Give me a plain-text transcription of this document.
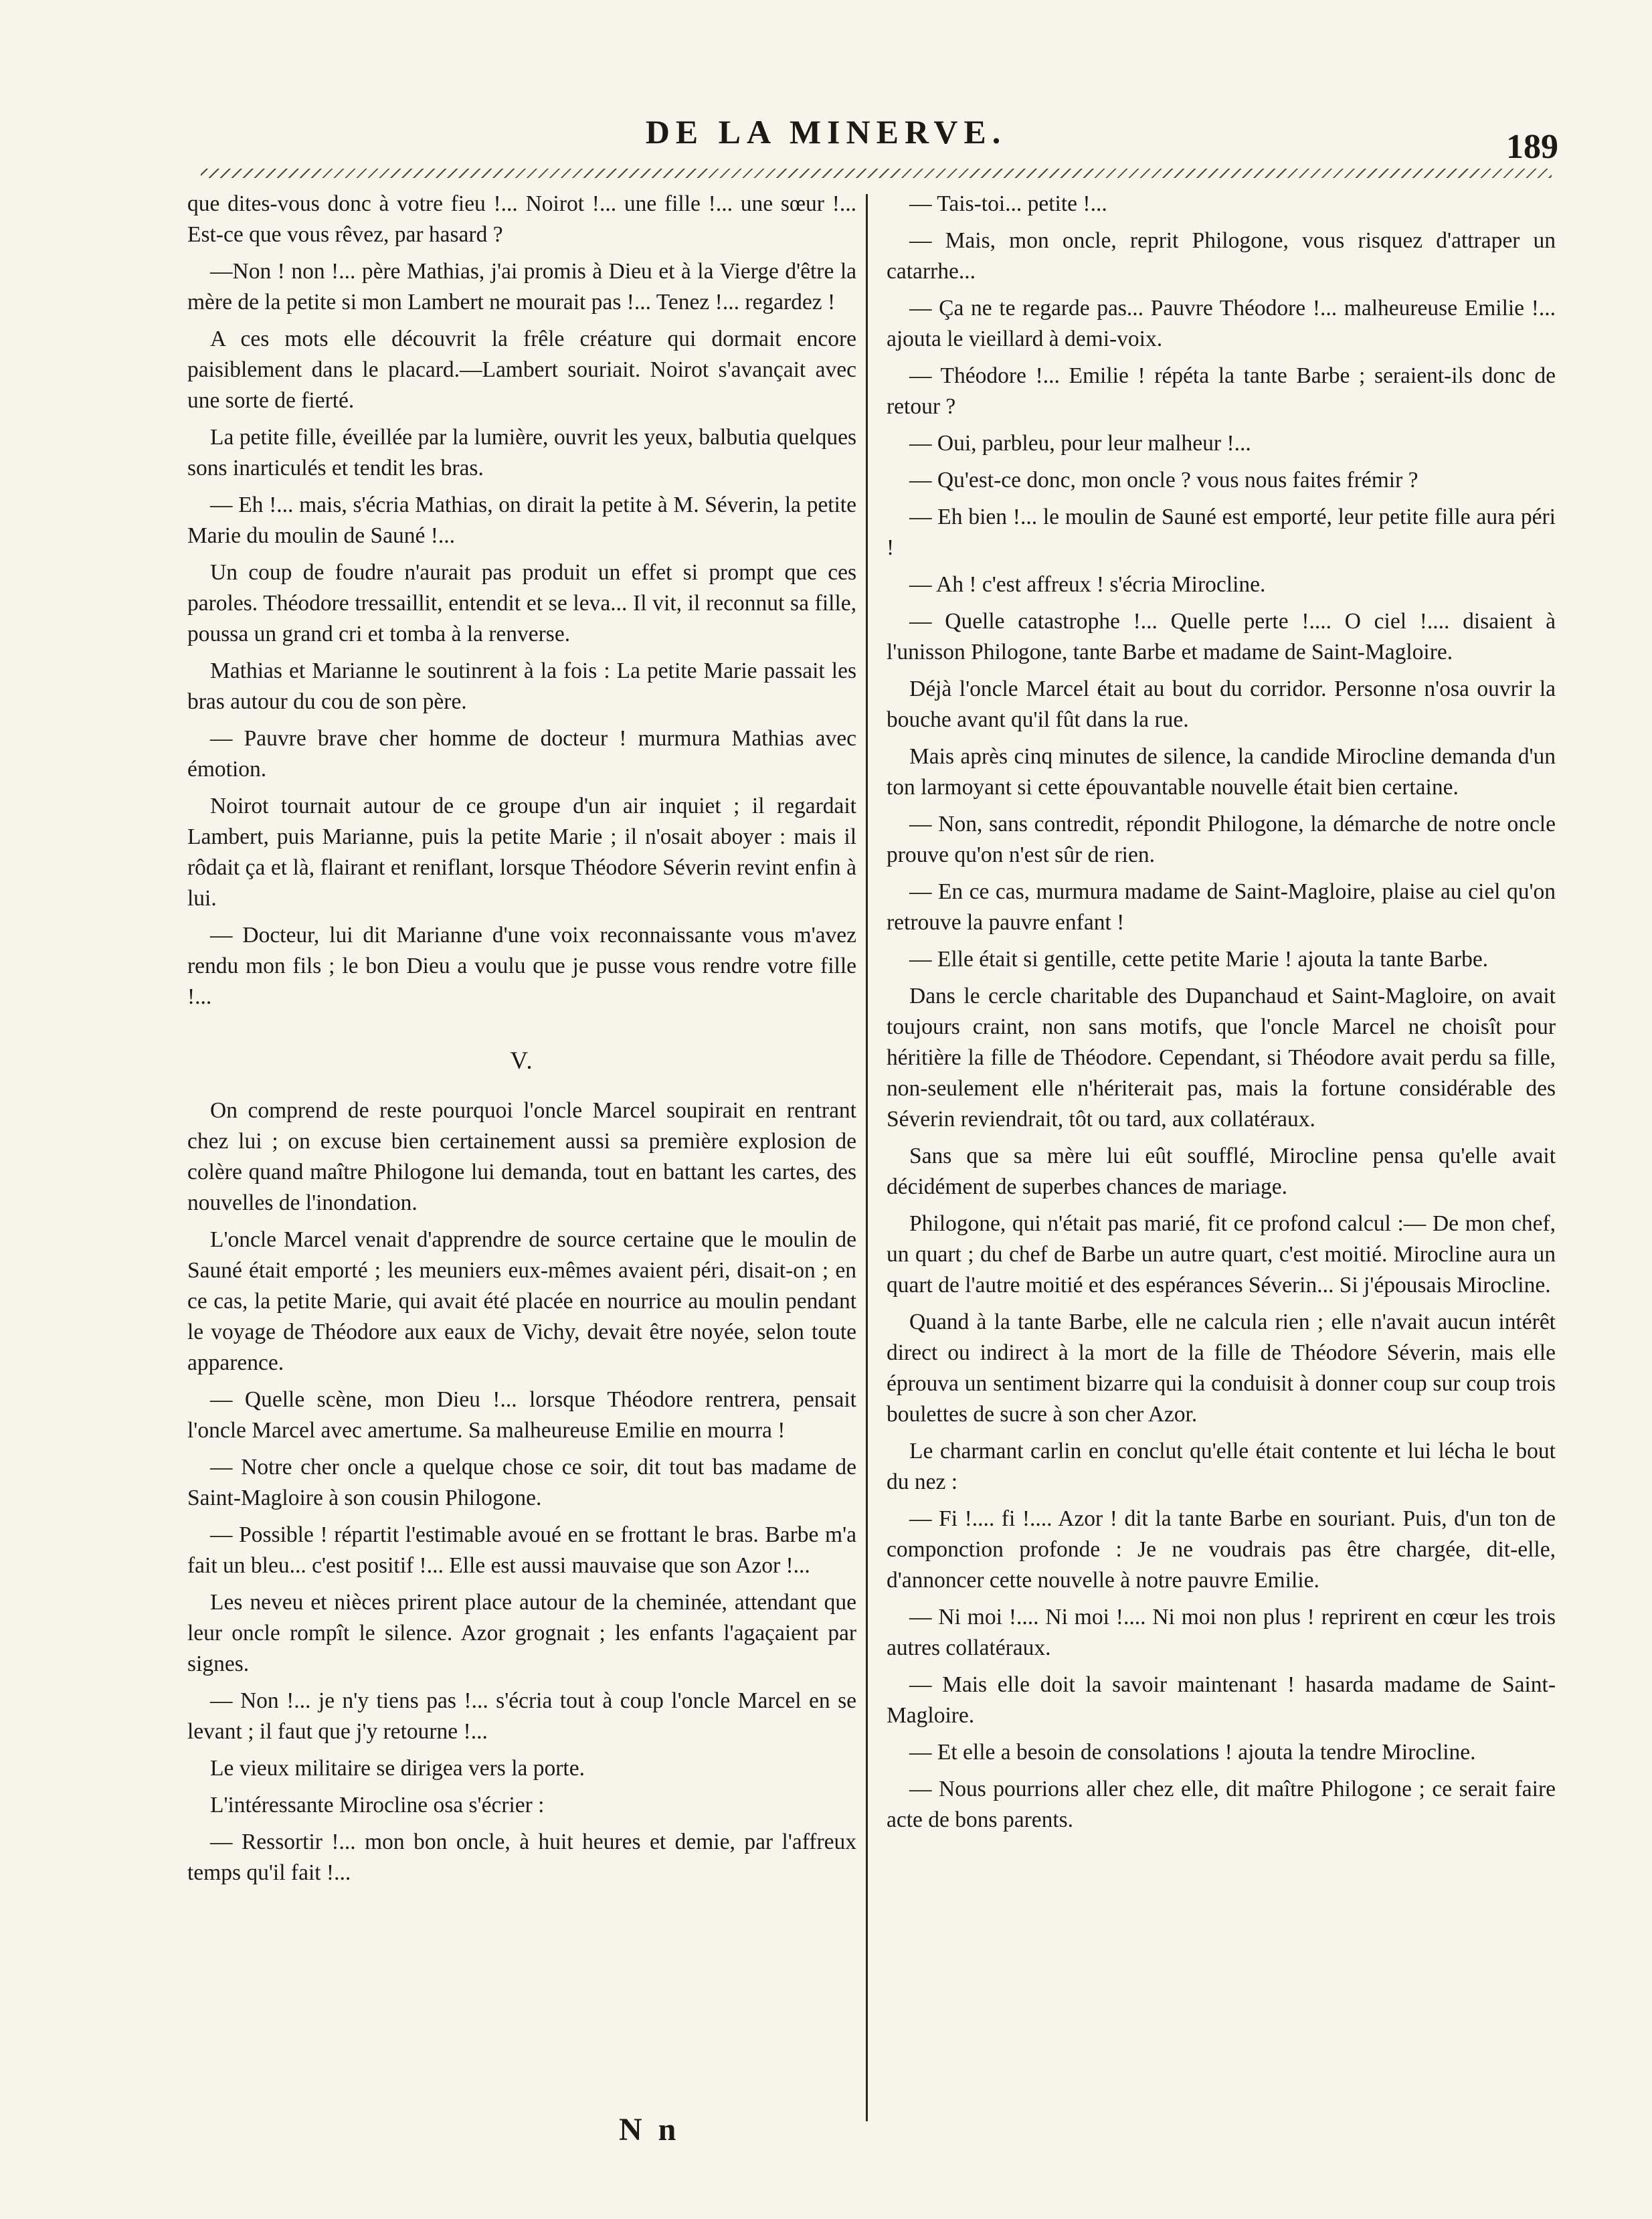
DE LA MINERVE.	189

que dites-vous donc à votre fieu !... Noirot !... une fille !... une sœur !... Est-ce que vous rêvez, par hasard ?

—Non ! non !... père Mathias, j'ai promis à Dieu et à la Vierge d'être la mère de la petite si mon Lambert ne mourait pas !... Tenez !... regardez !

A ces mots elle découvrit la frêle créature qui dormait encore paisiblement dans le placard.—Lambert souriait. Noirot s'avançait avec une sorte de fierté.

La petite fille, éveillée par la lumière, ouvrit les yeux, balbutia quelques sons inarticulés et tendit les bras.

— Eh !... mais, s'écria Mathias, on dirait la petite à M. Séverin, la petite Marie du moulin de Sauné !...

Un coup de foudre n'aurait pas produit un effet si prompt que ces paroles. Théodore tressaillit, entendit et se leva... Il vit, il reconnut sa fille, poussa un grand cri et tomba à la renverse.

Mathias et Marianne le soutinrent à la fois : La petite Marie passait les bras autour du cou de son père.

— Pauvre brave cher homme de docteur ! murmura Mathias avec émotion.

Noirot tournait autour de ce groupe d'un air inquiet ; il regardait Lambert, puis Marianne, puis la petite Marie ; il n'osait aboyer : mais il rôdait ça et là, flairant et reniflant, lorsque Théodore Séverin revint enfin à lui.

— Docteur, lui dit Marianne d'une voix reconnaissante vous m'avez rendu mon fils ; le bon Dieu a voulu que je pusse vous rendre votre fille !...

V.

On comprend de reste pourquoi l'oncle Marcel soupirait en rentrant chez lui ; on excuse bien certainement aussi sa première explosion de colère quand maître Philogone lui demanda, tout en battant les cartes, des nouvelles de l'inondation.

L'oncle Marcel venait d'apprendre de source certaine que le moulin de Sauné était emporté ; les meuniers eux-mêmes avaient péri, disait-on ; en ce cas, la petite Marie, qui avait été placée en nourrice au moulin pendant le voyage de Théodore aux eaux de Vichy, devait être noyée, selon toute apparence.

— Quelle scène, mon Dieu !... lorsque Théodore rentrera, pensait l'oncle Marcel avec amertume. Sa malheureuse Emilie en mourra !

— Notre cher oncle a quelque chose ce soir, dit tout bas madame de Saint-Magloire à son cousin Philogone.

— Possible ! répartit l'estimable avoué en se frottant le bras. Barbe m'a fait un bleu... c'est positif !... Elle est aussi mauvaise que son Azor !...

Les neveu et nièces prirent place autour de la cheminée, attendant que leur oncle rompît le silence. Azor grognait ; les enfants l'agaçaient par signes.

— Non !... je n'y tiens pas !... s'écria tout à coup l'oncle Marcel en se levant ; il faut que j'y retourne !...

Le vieux militaire se dirigea vers la porte.

L'intéressante Mirocline osa s'écrier :

— Ressortir !... mon bon oncle, à huit heures et demie, par l'affreux temps qu'il fait !...

— Tais-toi... petite !...

— Mais, mon oncle, reprit Philogone, vous risquez d'attraper un catarrhe...

— Ça ne te regarde pas... Pauvre Théodore !... malheureuse Emilie !... ajouta le vieillard à demi-voix.

— Théodore !... Emilie ! répéta la tante Barbe ; seraient-ils donc de retour ?

— Oui, parbleu, pour leur malheur !...

— Qu'est-ce donc, mon oncle ? vous nous faites frémir ?

— Eh bien !... le moulin de Sauné est emporté, leur petite fille aura péri !

— Ah ! c'est affreux ! s'écria Mirocline.

— Quelle catastrophe !... Quelle perte !.... O ciel !.... disaient à l'unisson Philogone, tante Barbe et madame de Saint-Magloire.

Déjà l'oncle Marcel était au bout du corridor. Personne n'osa ouvrir la bouche avant qu'il fût dans la rue.

Mais après cinq minutes de silence, la candide Mirocline demanda d'un ton larmoyant si cette épouvantable nouvelle était bien certaine.

— Non, sans contredit, répondit Philogone, la démarche de notre oncle prouve qu'on n'est sûr de rien.

— En ce cas, murmura madame de Saint-Magloire, plaise au ciel qu'on retrouve la pauvre enfant !

— Elle était si gentille, cette petite Marie ! ajouta la tante Barbe.

Dans le cercle charitable des Dupanchaud et Saint-Magloire, on avait toujours craint, non sans motifs, que l'oncle Marcel ne choisît pour héritière la fille de Théodore. Cependant, si Théodore avait perdu sa fille, non-seulement elle n'hériterait pas, mais la fortune considérable des Séverin reviendrait, tôt ou tard, aux collatéraux.

Sans que sa mère lui eût soufflé, Mirocline pensa qu'elle avait décidément de superbes chances de mariage.

Philogone, qui n'était pas marié, fit ce profond calcul :— De mon chef, un quart ; du chef de Barbe un autre quart, c'est moitié. Mirocline aura un quart de l'autre moitié et des espérances Séverin... Si j'épousais Mirocline.

Quand à la tante Barbe, elle ne calcula rien ; elle n'avait aucun intérêt direct ou indirect à la mort de la fille de Théodore Séverin, mais elle éprouva un sentiment bizarre qui la conduisit à donner coup sur coup trois boulettes de sucre à son cher Azor.

Le charmant carlin en conclut qu'elle était contente et lui lécha le bout du nez :

— Fi !.... fi !.... Azor ! dit la tante Barbe en souriant. Puis, d'un ton de componction profonde : Je ne voudrais pas être chargée, dit-elle, d'annoncer cette nouvelle à notre pauvre Emilie.

— Ni moi !.... Ni moi !.... Ni moi non plus ! reprirent en cœur les trois autres collatéraux.

— Mais elle doit la savoir maintenant ! hasarda madame de Saint-Magloire.

— Et elle a besoin de consolations ! ajouta la tendre Mirocline.

— Nous pourrions aller chez elle, dit maître Philogone ; ce serait faire acte de bons parents.

N n
